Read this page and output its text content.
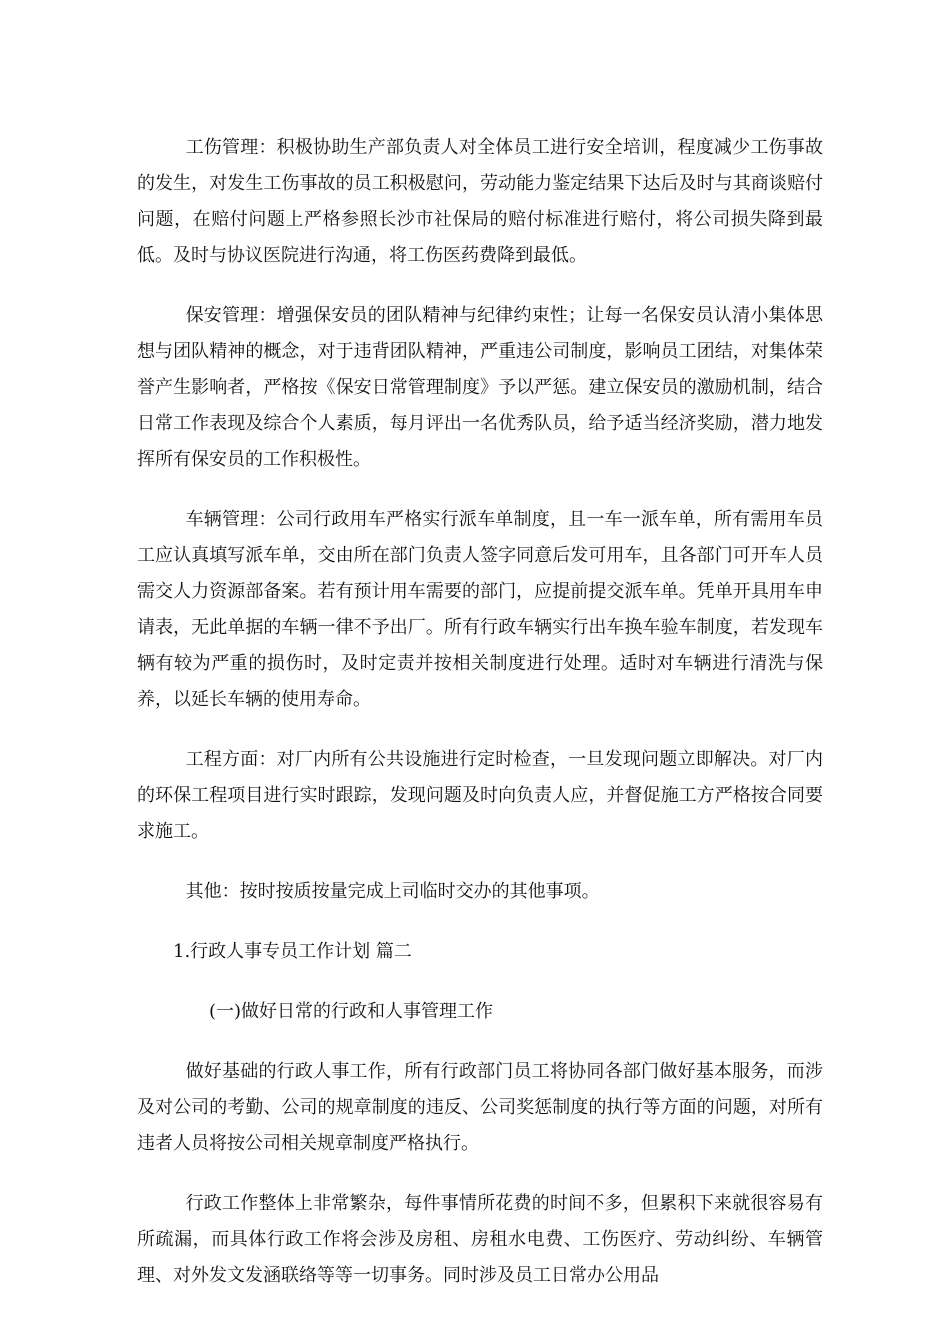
工伤管理：积极协助生产部负责人对全体员工进行安全培训，程度减少工伤事故的发生，对发生工伤事故的员工积极慰问，劳动能力鉴定结果下达后及时与其商谈赔付问题，在赔付问题上严格参照长沙市社保局的赔付标准进行赔付，将公司损失降到最低。及时与协议医院进行沟通，将工伤医药费降到最低。

保安管理：增强保安员的团队精神与纪律约束性；让每一名保安员认清小集体思想与团队精神的概念，对于违背团队精神，严重违公司制度，影响员工团结，对集体荣誉产生影响者，严格按《保安日常管理制度》予以严惩。建立保安员的激励机制，结合日常工作表现及综合个人素质，每月评出一名优秀队员，给予适当经济奖励，潜力地发挥所有保安员的工作积极性。

车辆管理：公司行政用车严格实行派车单制度，且一车一派车单，所有需用车员工应认真填写派车单，交由所在部门负责人签字同意后发可用车，且各部门可开车人员需交人力资源部备案。若有预计用车需要的部门，应提前提交派车单。凭单开具用车申请表，无此单据的车辆一律不予出厂。所有行政车辆实行出车换车验车制度，若发现车辆有较为严重的损伤时，及时定责并按相关制度进行处理。适时对车辆进行清洗与保养，以延长车辆的使用寿命。

工程方面：对厂内所有公共设施进行定时检查，一旦发现问题立即解决。对厂内的环保工程项目进行实时跟踪，发现问题及时向负责人应，并督促施工方严格按合同要求施工。

其他：按时按质按量完成上司临时交办的其他事项。

1.行政人事专员工作计划 篇二

(一)做好日常的行政和人事管理工作

做好基础的行政人事工作，所有行政部门员工将协同各部门做好基本服务，而涉及对公司的考勤、公司的规章制度的违反、公司奖惩制度的执行等方面的问题，对所有违者人员将按公司相关规章制度严格执行。

行政工作整体上非常繁杂，每件事情所花费的时间不多，但累积下来就很容易有所疏漏，而具体行政工作将会涉及房租、房租水电费、工伤医疗、劳动纠纷、车辆管理、对外发文发涵联络等等一切事务。同时涉及员工日常办公用品
